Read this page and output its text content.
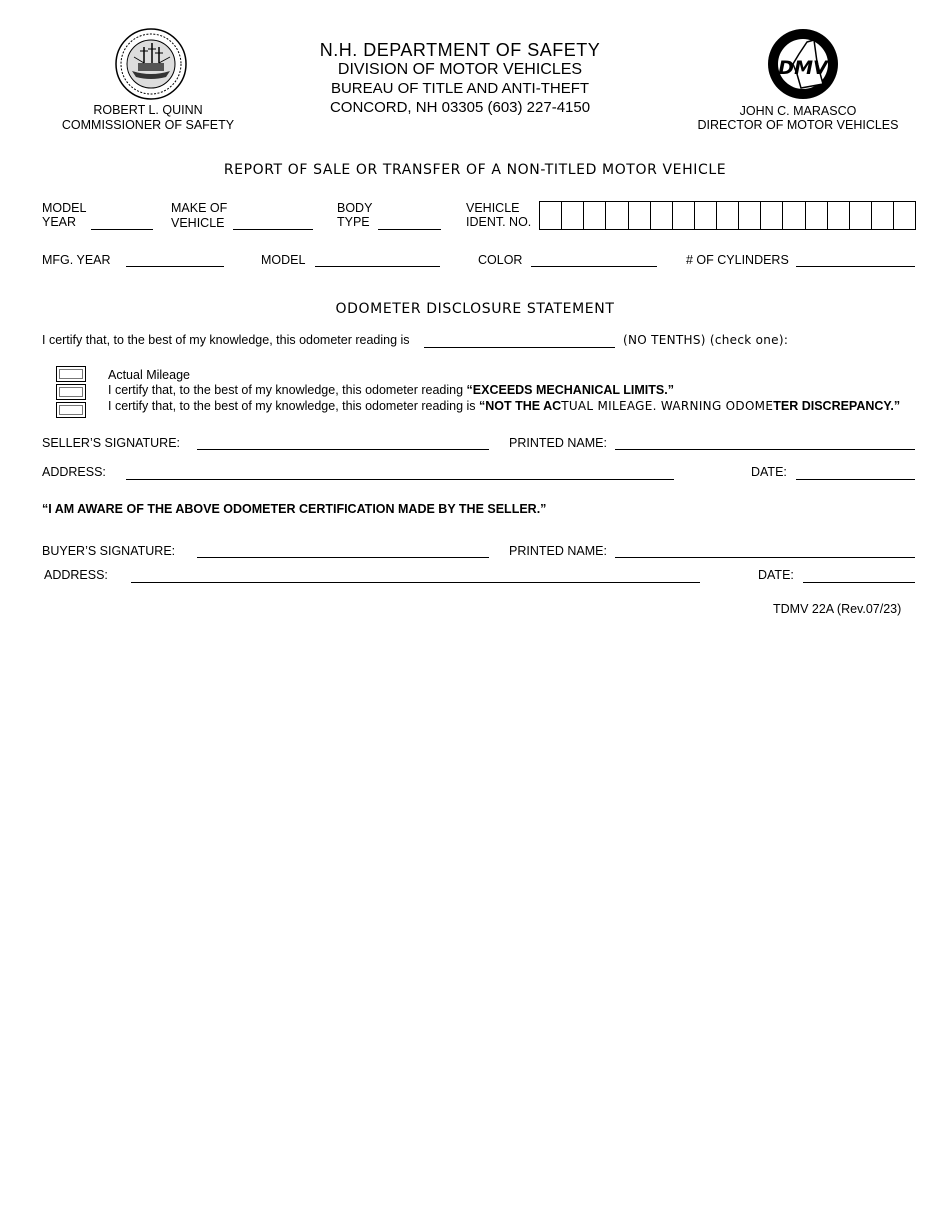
ROBERT L. QUINN
COMMISSIONER OF SAFETY
N.H. DEPARTMENT OF SAFETY
DIVISION OF MOTOR VEHICLES
BUREAU OF TITLE AND ANTI-THEFT
CONCORD, NH 03305 (603) 227-4150
DMV
JOHN C. MARASCO
DIRECTOR OF MOTOR VEHICLES
REPORT OF SALE OR TRANSFER OF A NON-TITLED MOTOR VEHICLE
MODEL
YEAR
MAKE OF
VEHICLE
BODY
TYPE
VEHICLE
IDENT. NO.
MFG. YEAR	MODEL	COLOR	# OF CYLINDERS
ODOMETER DISCLOSURE STATEMENT
I certify that, to the best of my knowledge, this odometer reading is	(NO TENTHS) (check one):
Actual Mileage
I certify that, to the best of my knowledge, this odometer reading “EXCEEDS MECHANICAL LIMITS.”
I certify that, to the best of my knowledge, this odometer reading is “NOT THE ACTUAL MILEAGE. WARNING ODOMETER DISCREPANCY.”
SELLER’S SIGNATURE:	PRINTED NAME:
ADDRESS:	DATE:
“I AM AWARE OF THE ABOVE ODOMETER CERTIFICATION MADE BY THE SELLER.”
BUYER’S SIGNATURE:	PRINTED NAME:
ADDRESS:	DATE:
TDMV 22A (Rev.07/23)
